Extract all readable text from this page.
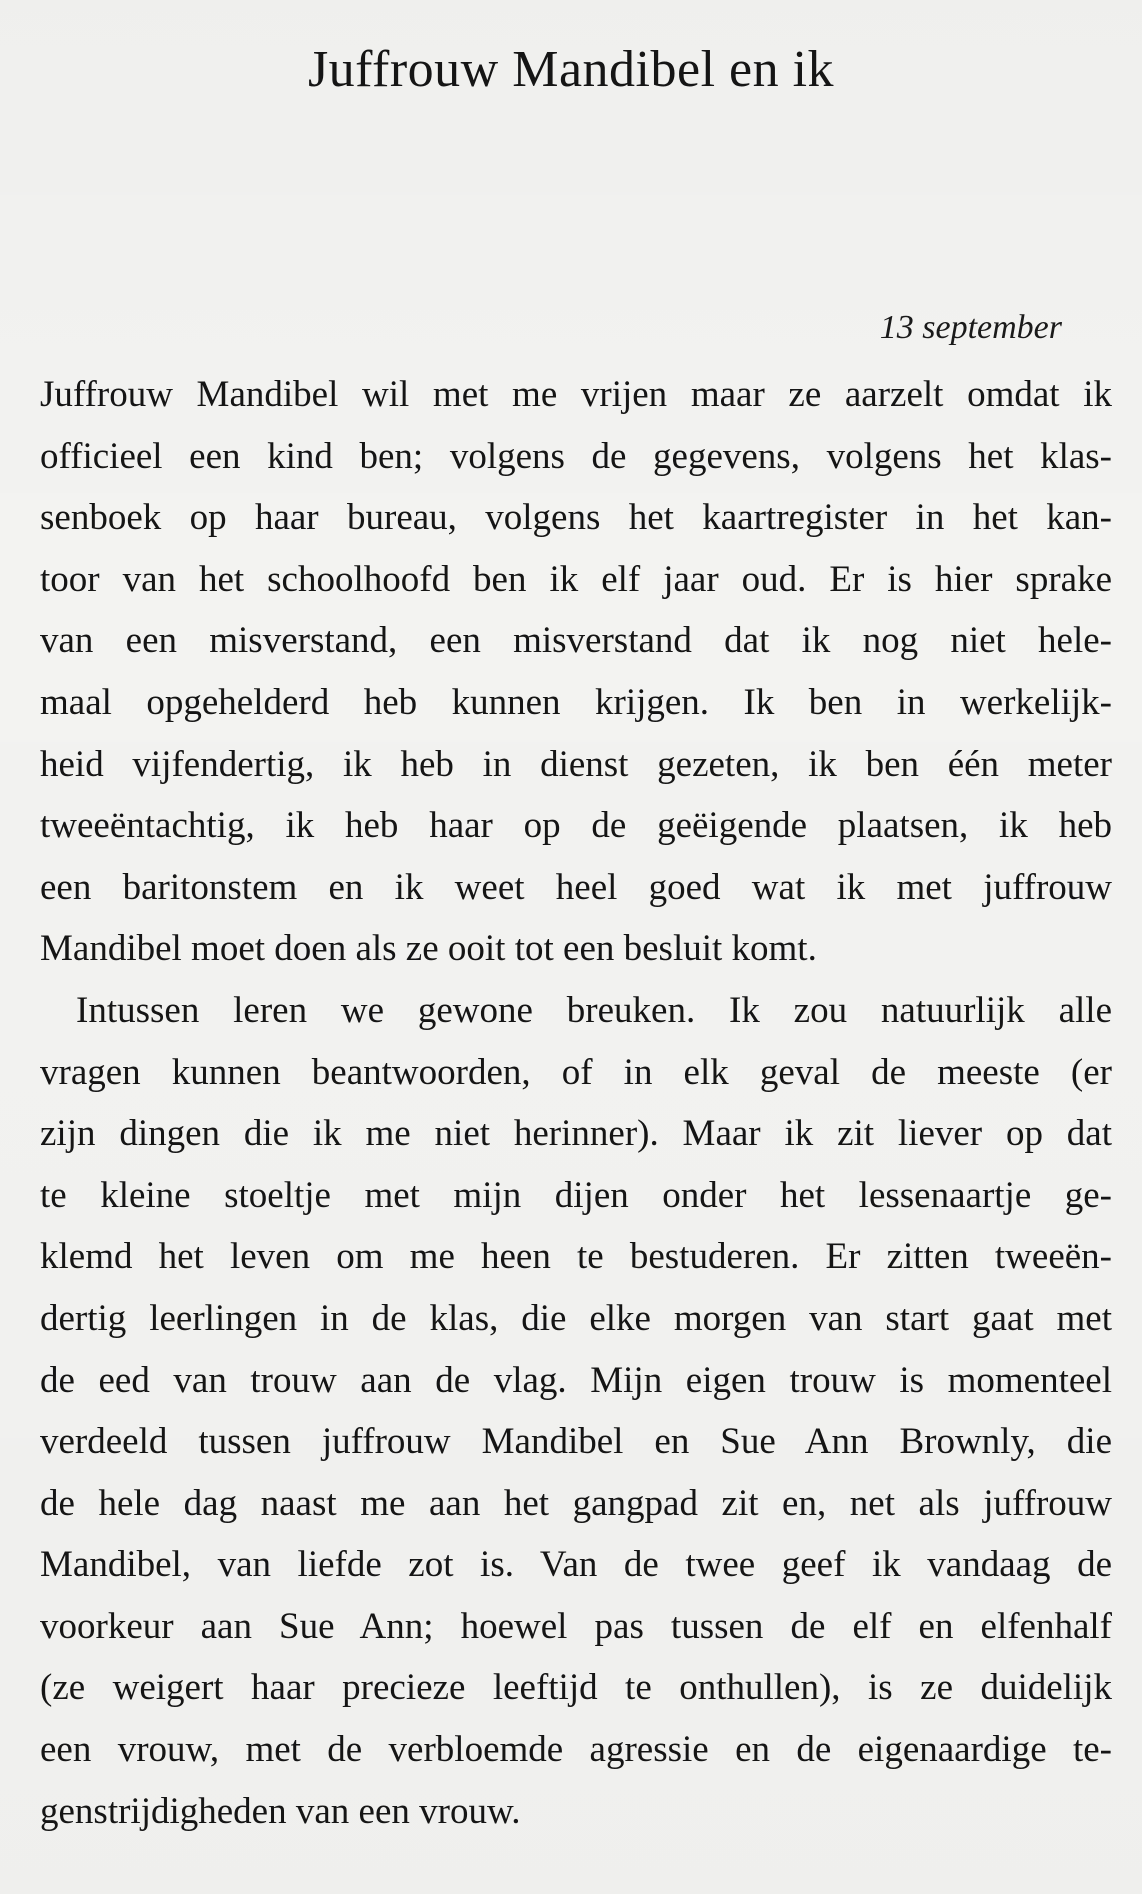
Juffrouw Mandibel en ik
13 september
Juffrouw Mandibel wil met me vrijen maar ze aarzelt omdat ik
officieel een kind ben; volgens de gegevens, volgens het klas-
senboek op haar bureau, volgens het kaartregister in het kan-
toor van het schoolhoofd ben ik elf jaar oud. Er is hier sprake
van een misverstand, een misverstand dat ik nog niet hele-
maal opgehelderd heb kunnen krijgen. Ik ben in werkelijk-
heid vijfendertig, ik heb in dienst gezeten, ik ben één meter
tweeëntachtig, ik heb haar op de geëigende plaatsen, ik heb
een baritonstem en ik weet heel goed wat ik met juffrouw
Mandibel moet doen als ze ooit tot een besluit komt.
Intussen leren we gewone breuken. Ik zou natuurlijk alle
vragen kunnen beantwoorden, of in elk geval de meeste (er
zijn dingen die ik me niet herinner). Maar ik zit liever op dat
te kleine stoeltje met mijn dijen onder het lessenaartje ge-
klemd het leven om me heen te bestuderen. Er zitten tweeën-
dertig leerlingen in de klas, die elke morgen van start gaat met
de eed van trouw aan de vlag. Mijn eigen trouw is momenteel
verdeeld tussen juffrouw Mandibel en Sue Ann Brownly, die
de hele dag naast me aan het gangpad zit en, net als juffrouw
Mandibel, van liefde zot is. Van de twee geef ik vandaag de
voorkeur aan Sue Ann; hoewel pas tussen de elf en elfenhalf
(ze weigert haar precieze leeftijd te onthullen), is ze duidelijk
een vrouw, met de verbloemde agressie en de eigenaardige te-
genstrijdigheden van een vrouw.
